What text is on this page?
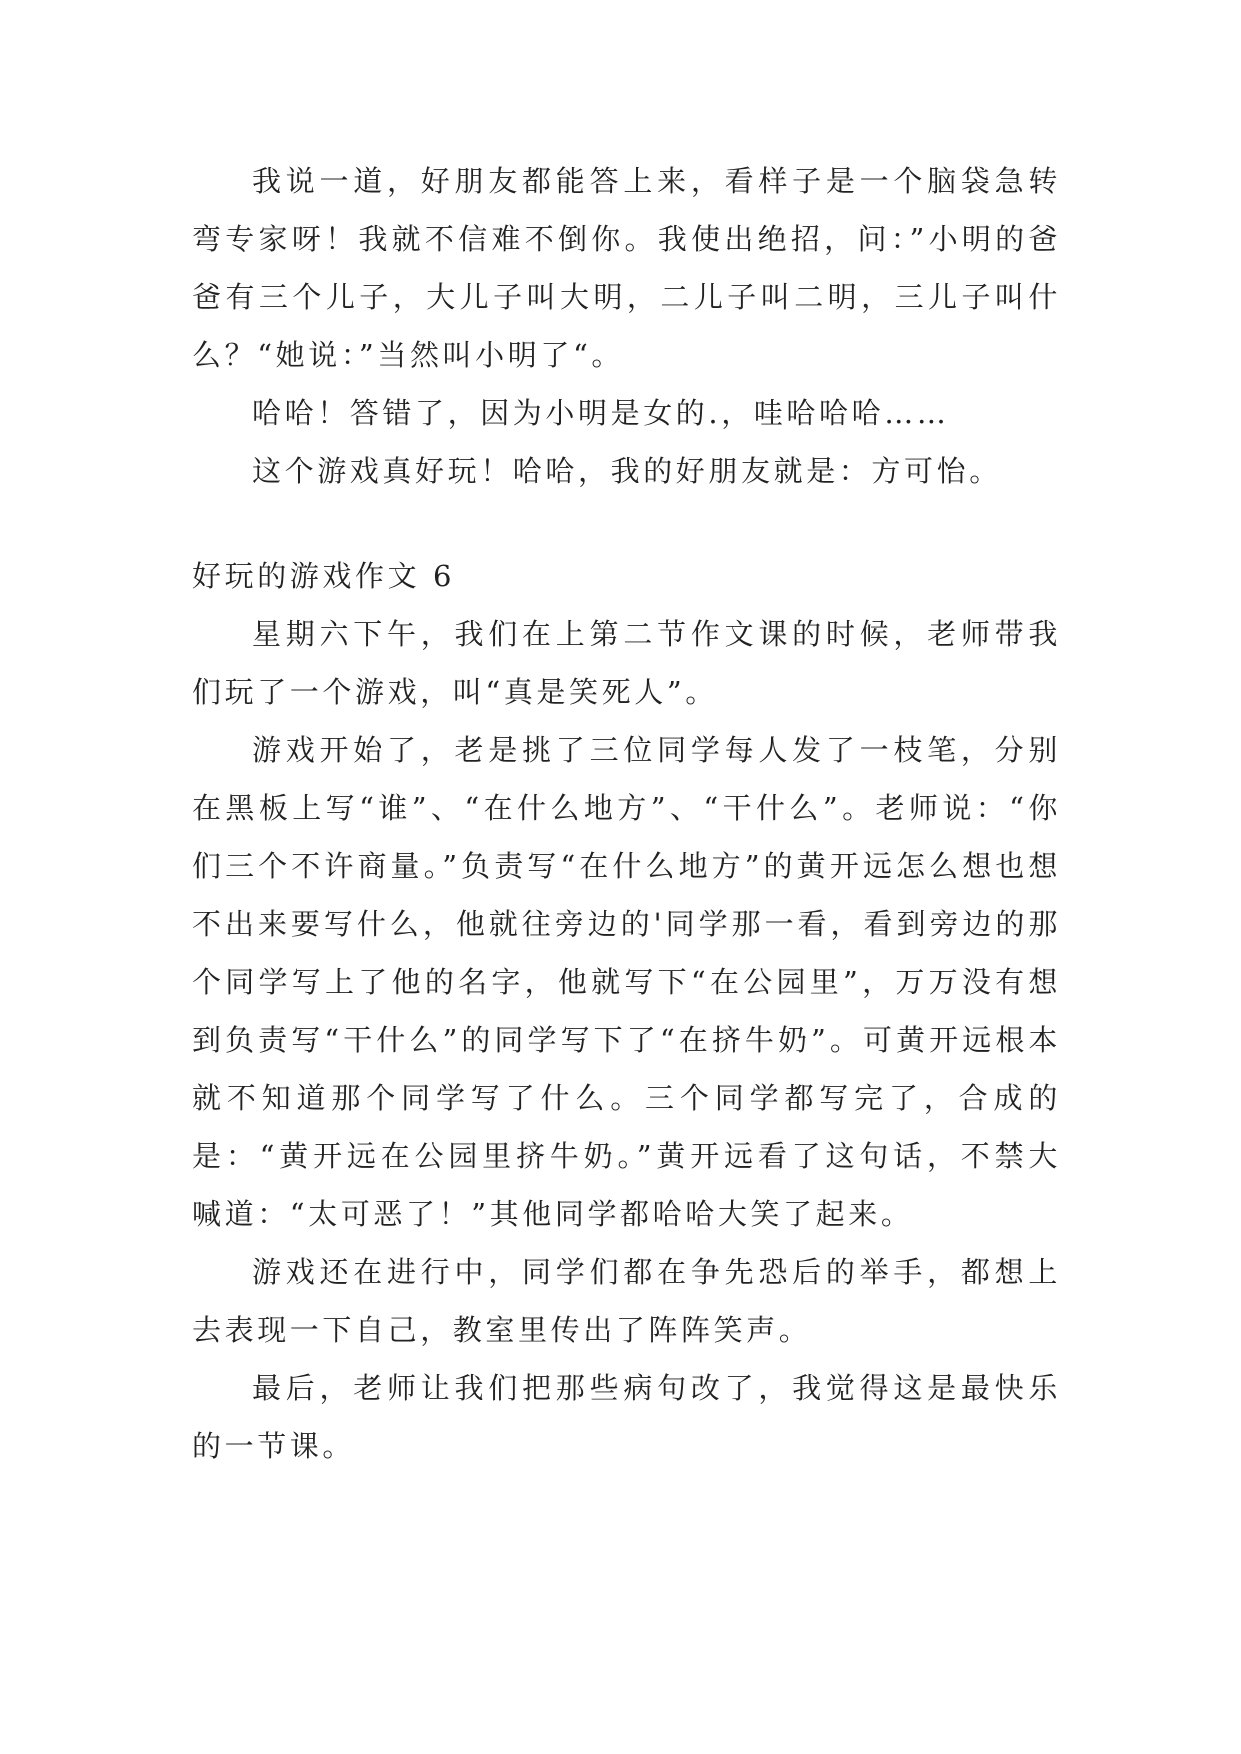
我说一道，好朋友都能答上来，看样子是一个脑袋急转弯专家呀！我就不信难不倒你。我使出绝招，问：”小明的爸爸有三个儿子，大儿子叫大明，二儿子叫二明，三儿子叫什么？“她说：”当然叫小明了“。

哈哈！答错了，因为小明是女的.，哇哈哈哈……

这个游戏真好玩！哈哈，我的好朋友就是：方可怡。

好玩的游戏作文 6

星期六下午，我们在上第二节作文课的时候，老师带我们玩了一个游戏，叫“真是笑死人”。

游戏开始了，老是挑了三位同学每人发了一枝笔，分别在黑板上写“谁”、“在什么地方”、“干什么”。老师说：“你们三个不许商量。”负责写“在什么地方”的黄开远怎么想也想不出来要写什么，他就往旁边的'同学那一看，看到旁边的那个同学写上了他的名字，他就写下“在公园里”，万万没有想到负责写“干什么”的同学写下了“在挤牛奶”。可黄开远根本就不知道那个同学写了什么。三个同学都写完了，合成的是：“黄开远在公园里挤牛奶。”黄开远看了这句话，不禁大喊道：“太可恶了！”其他同学都哈哈大笑了起来。

游戏还在进行中，同学们都在争先恐后的举手，都想上去表现一下自己，教室里传出了阵阵笑声。

最后，老师让我们把那些病句改了，我觉得这是最快乐的一节课。
